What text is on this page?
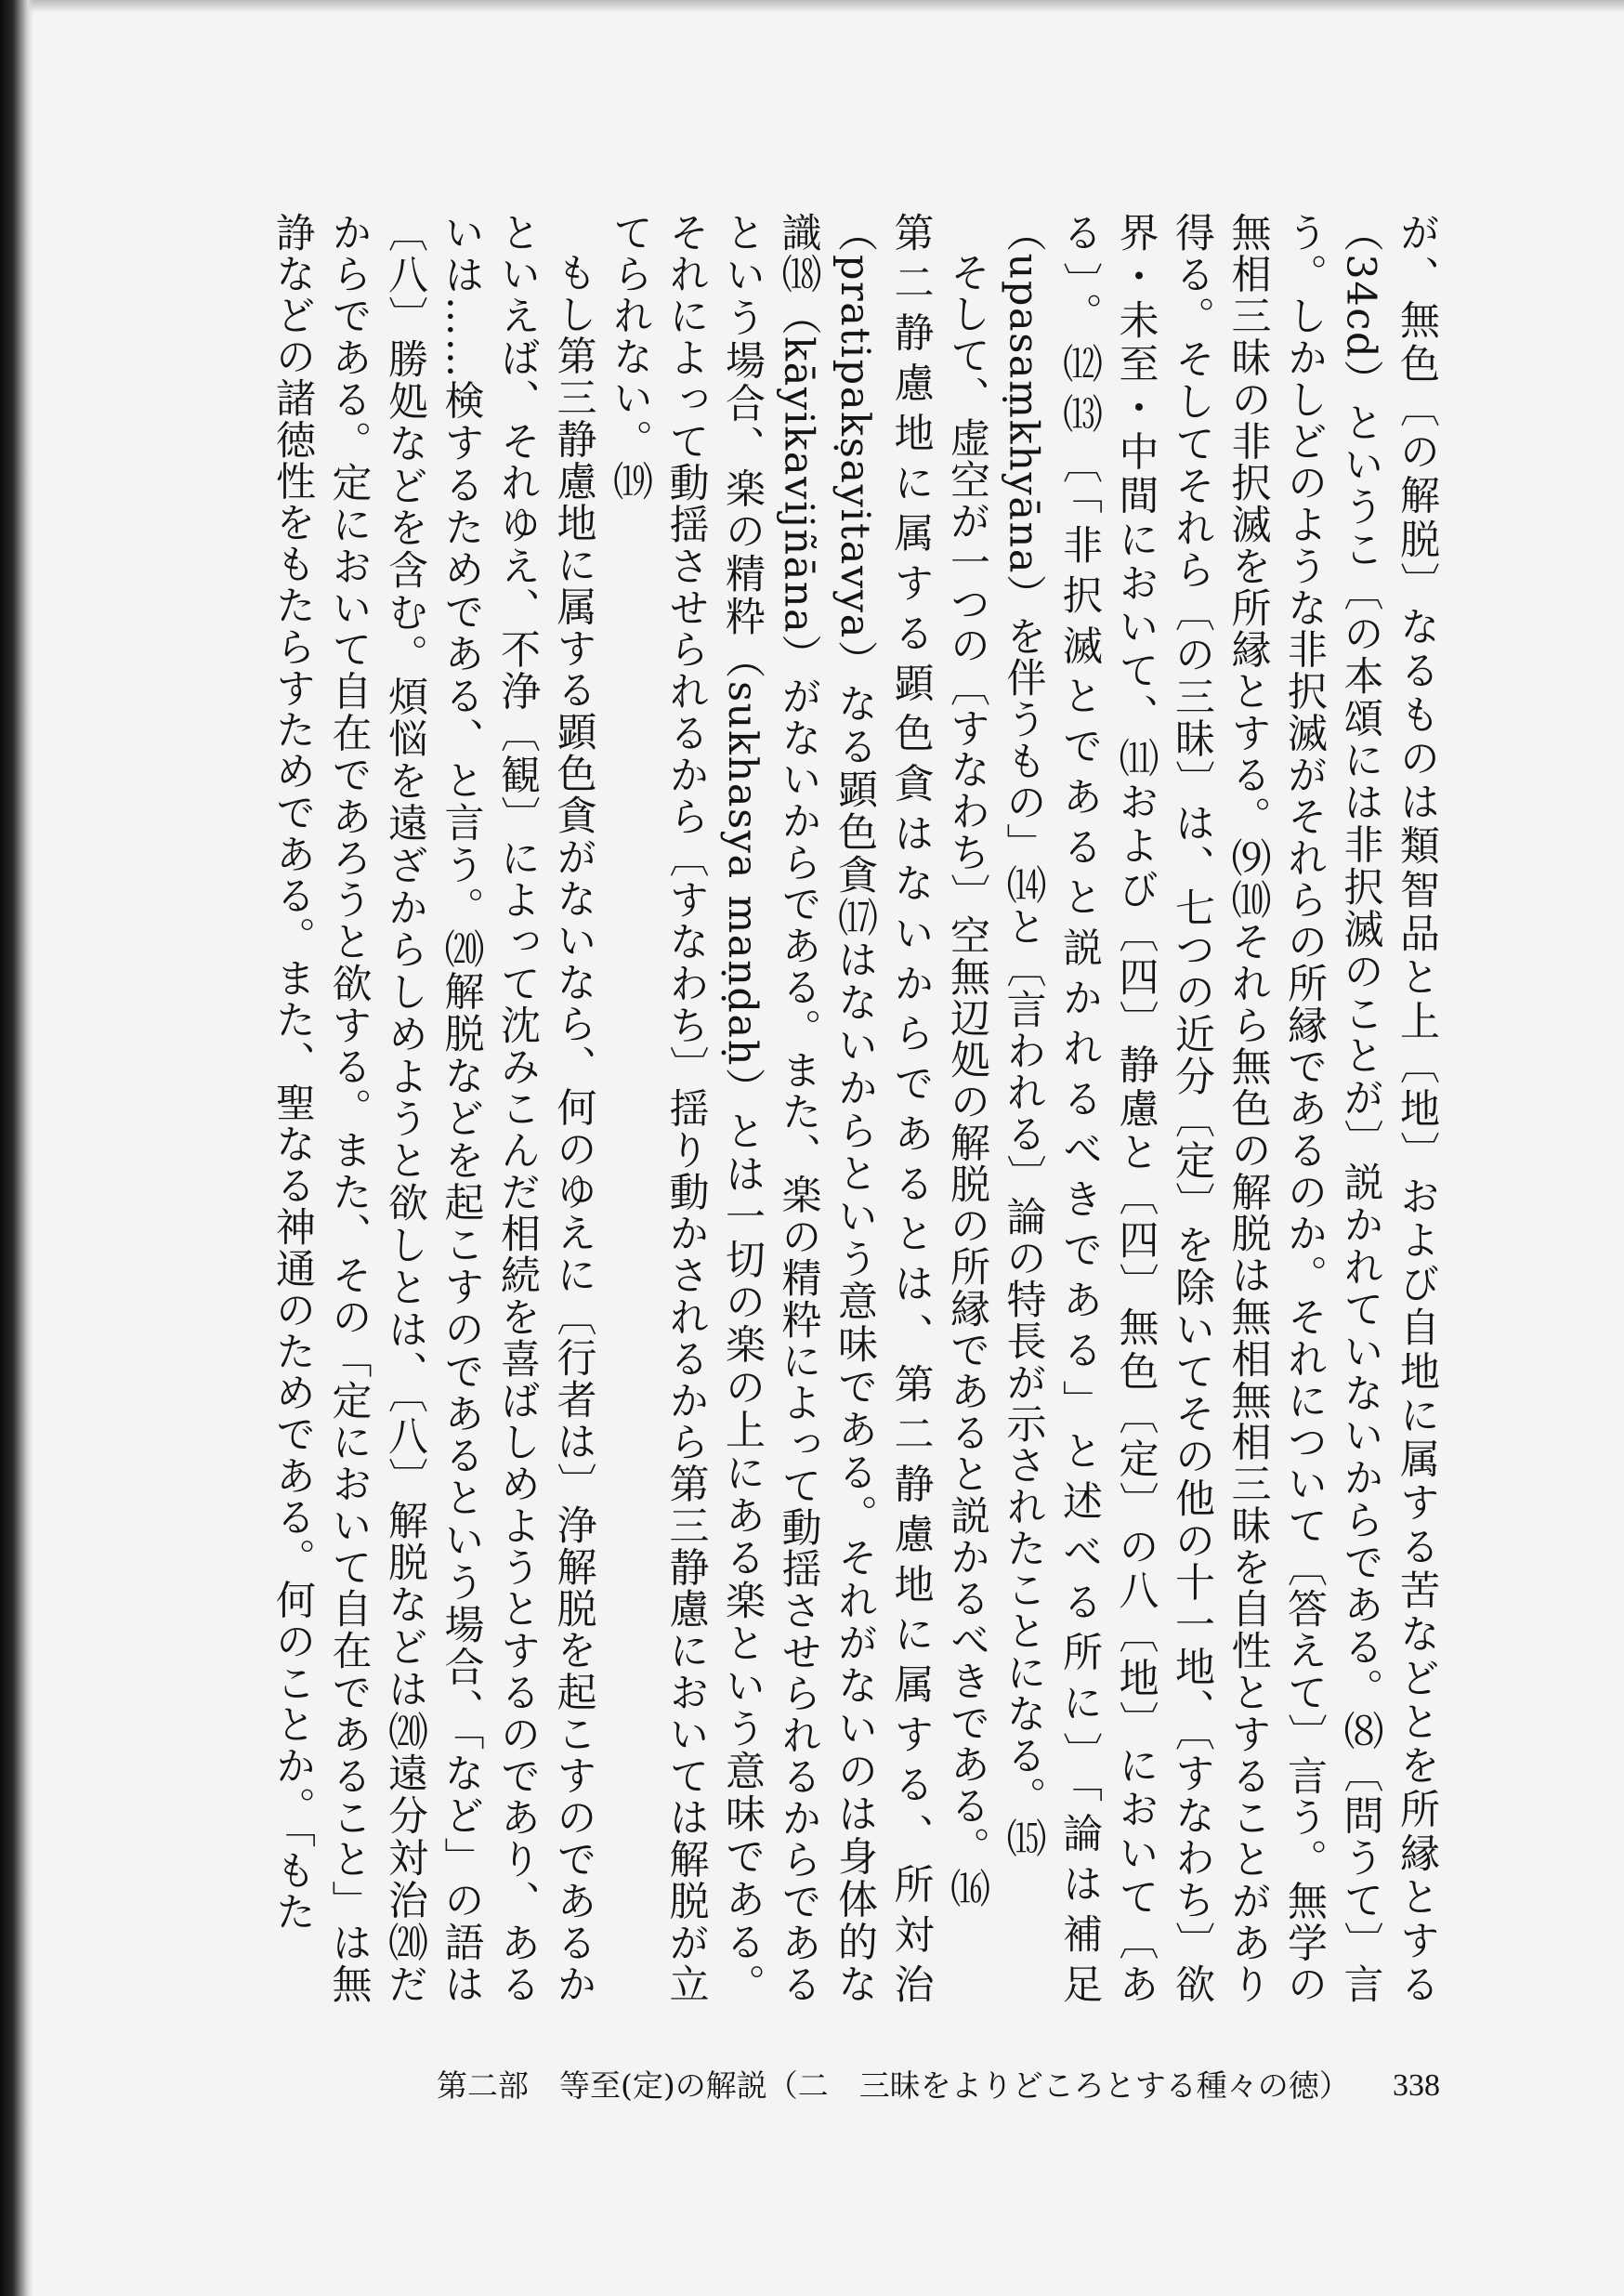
が、無色〔の解脱〕なるものは類智品と上〔地〕および自地に属する苦などとを所縁とする（34cd）というこ〔の本頌には非択滅のことが〕説かれていないからである。⑻〔問うて〕言う。しかしどのような非択滅がそれらの所縁であるのか。それについて〔答えて〕言う。無学の無相三昧の非択滅を所縁とする。⑼⑽それら無色の解脱は無相無相三昧を自性とすることがあり得る。そしてそれら〔の三昧〕は、七つの近分〔定〕を除いてその他の十一地、〔すなわち〕欲界・未至・中間において、⑾および〔四〕静慮と〔四〕無色〔定〕の八〔地〕において〔ある〕。⑿⒀〔「非択滅とであると説かれるべきである」と述べる所に〕「論は補足（upasaṃkhyāna）を伴うもの」⒁と〔言われる〕論の特長が示されたことになる。⒂

そして、虚空が一つの〔すなわち〕空無辺処の解脱の所縁であると説かるべきである。⒃

第二静慮地に属する顕色貪はないからであるとは、第二静慮地に属する、所対治（pratipakṣayitavya）なる顕色貪⒄はないからという意味である。それがないのは身体的な識⒅（kāyikavijñāna）がないからである。また、楽の精粋によって動揺させられるからであるという場合、楽の精粋（sukhasya maṇḍaḥ）とは一切の楽の上にある楽という意味である。それによって動揺させられるから〔すなわち〕揺り動かされるから第三静慮においては解脱が立てられない。⒆

もし第三静慮地に属する顕色貪がないなら、何のゆえに〔行者は〕浄解脱を起こすのであるかといえば、それゆえ、不浄〔観〕によって沈みこんだ相続を喜ばしめようとするのであり、あるいは……検するためである、と言う。⒇解脱などを起こすのであるという場合、「など」の語は〔八〕勝処などを含む。煩悩を遠ざからしめようと欲しとは、〔八〕解脱などは⒇遠分対治⒇だからである。定において自在であろうと欲する。また、その「定において自在であること」は無諍などの諸徳性をもたらすためである。また、聖なる神通のためである。何のことか。「もた

第二部　等至(定)の解説（二　三昧をよりどころとする種々の徳） 338
